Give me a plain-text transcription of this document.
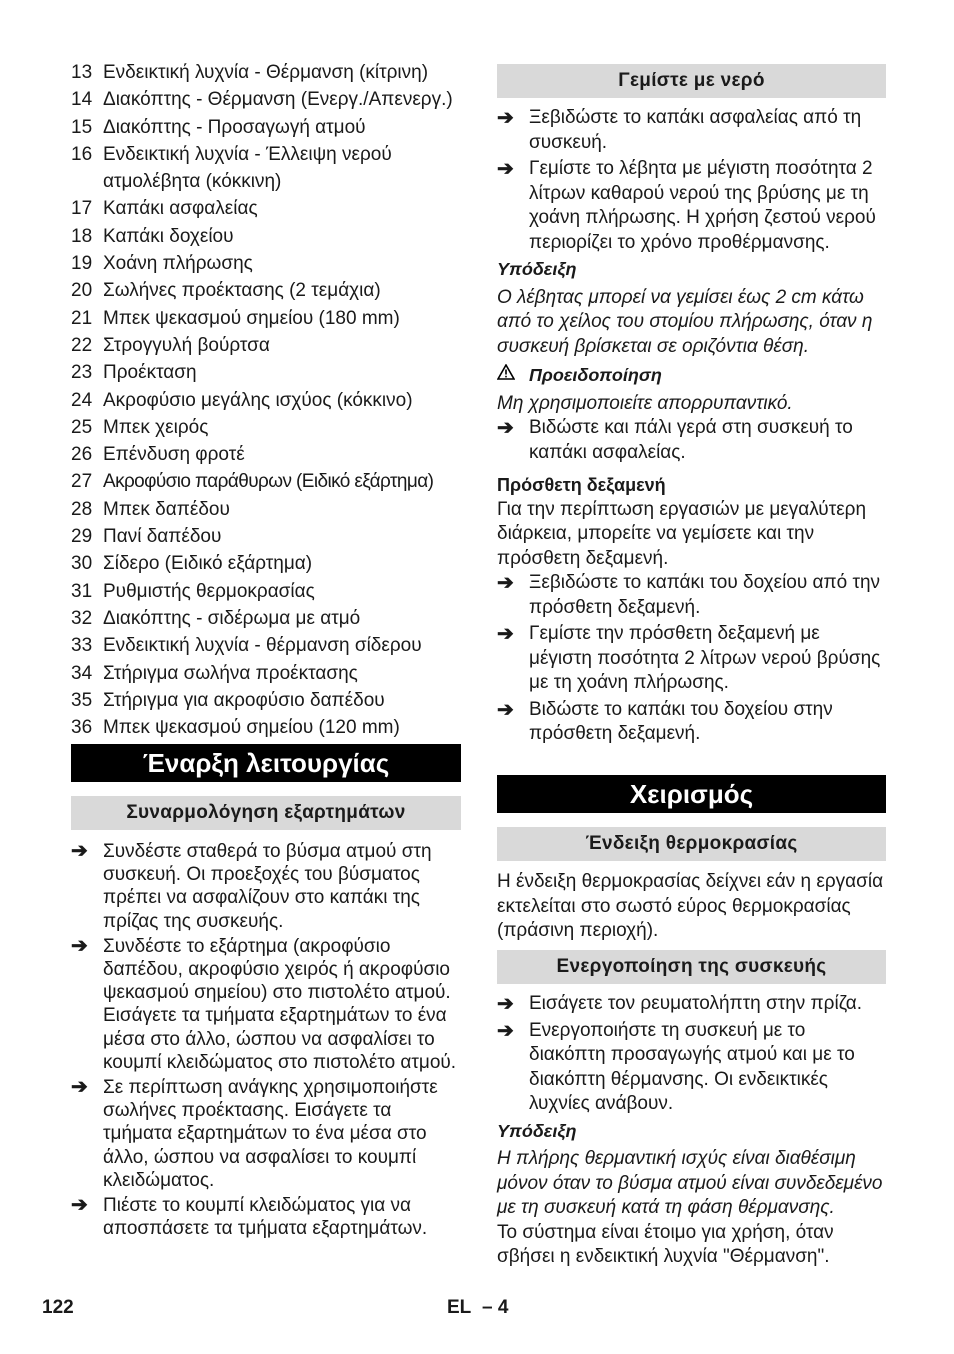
13 Ενδεικτική λυχνία - Θέρμανση (κίτρινη)
14 Διακόπτης - Θέρμανση (Ενεργ./Απενεργ.)
15 Διακόπτης - Προσαγωγή ατμού
16 Ενδεικτική λυχνία - Έλλειψη νερού ατμολέβητα (κόκκινη)
17 Καπάκι ασφαλείας
18 Καπάκι δοχείου
19 Χοάνη πλήρωσης
20 Σωλήνες προέκτασης (2 τεμάχια)
21 Μπεκ ψεκασμού σημείου (180 mm)
22 Στρογγυλή βούρτσα
23 Προέκταση
24 Ακροφύσιο μεγάλης ισχύος (κόκκινο)
25 Μπεκ χειρός
26 Επένδυση φροτέ
27 Ακροφύσιο παράθυρων (Ειδικό εξάρτημα)
28 Μπεκ δαπέδου
29 Πανί δαπέδου
30 Σίδερο (Ειδικό εξάρτημα)
31 Ρυθμιστής θερμοκρασίας
32 Διακόπτης - σιδέρωμα με ατμό
33 Ενδεικτική λυχνία - θέρμανση σίδερου
34 Στήριγμα σωλήνα προέκτασης
35 Στήριγμα για ακροφύσιο δαπέδου
36 Μπεκ ψεκασμού σημείου (120 mm)
Έναρξη λειτουργίας
Συναρμολόγηση εξαρτημάτων
➔ Συνδέστε σταθερά το βύσμα ατμού στη συσκευή. Οι προεξοχές του βύσματος πρέπει να ασφαλίζουν στο καπάκι της πρίζας της συσκευής.
➔ Συνδέστε το εξάρτημα (ακροφύσιο δαπέδου, ακροφύσιο χειρός ή ακροφύσιο ψεκασμού σημείου) στο πιστολέτο ατμού. Εισάγετε τα τμήματα εξαρτημάτων το ένα μέσα στο άλλο, ώσπου να ασφαλίσει το κουμπί κλειδώματος στο πιστολέτο ατμού.
➔ Σε περίπτωση ανάγκης χρησιμοποιήστε σωλήνες προέκτασης. Εισάγετε τα τμήματα εξαρτημάτων το ένα μέσα στο άλλο, ώσπου να ασφαλίσει το κουμπί κλειδώματος.
➔ Πιέστε το κουμπί κλειδώματος για να αποσπάσετε τα τμήματα εξαρτημάτων.
Γεμίστε με νερό
➔ Ξεβιδώστε το καπάκι ασφαλείας από τη συσκευή.
➔ Γεμίστε το λέβητα με μέγιστη ποσότητα 2 λίτρων καθαρού νερού της βρύσης με τη χοάνη πλήρωσης. Η χρήση ζεστού νερού περιορίζει το χρόνο προθέρμανσης.
Υπόδειξη

Ο λέβητας μπορεί να γεμίσει έως 2 cm κάτω από το χείλος του στομίου πλήρωσης, όταν η συσκευή βρίσκεται σε οριζόντια θέση.

Προειδοποίηση

Μη χρησιμοποιείτε απορρυπαντικό.

➔ Βιδώστε και πάλι γερά στη συσκευή το καπάκι ασφαλείας.
Πρόσθετη δεξαμενή

Για την περίπτωση εργασιών με μεγαλύτερη διάρκεια, μπορείτε να γεμίσετε και την πρόσθετη δεξαμενή.

➔ Ξεβιδώστε το καπάκι του δοχείου από την πρόσθετη δεξαμενή.
➔ Γεμίστε την πρόσθετη δεξαμενή με μέγιστη ποσότητα 2 λίτρων νερού βρύσης με τη χοάνη πλήρωσης.
➔ Βιδώστε το καπάκι του δοχείου στην πρόσθετη δεξαμενή.
Χειρισμός
Ένδειξη θερμοκρασίας

Η ένδειξη θερμοκρασίας δείχνει εάν η εργασία εκτελείται στο σωστό εύρος θερμοκρασίας (πράσινη περιοχή).

Ενεργοποίηση της συσκευής
➔ Εισάγετε τον ρευματολήπτη στην πρίζα.
➔ Ενεργοποιήστε τη συσκευή με το διακόπτη προσαγωγής ατμού και με το διακόπτη θέρμανσης. Οι ενδεικτικές λυχνίες ανάβουν.
Υπόδειξη

Η πλήρης θερμαντική ισχύς είναι διαθέσιμη μόνον όταν το βύσμα ατμού είναι συνδεδεμένο με τη συσκευή κατά τη φάση θέρμανσης.

Το σύστημα είναι έτοιμο για χρήση, όταν σβήσει η ενδεικτική λυχνία "Θέρμανση".

122	EL – 4
